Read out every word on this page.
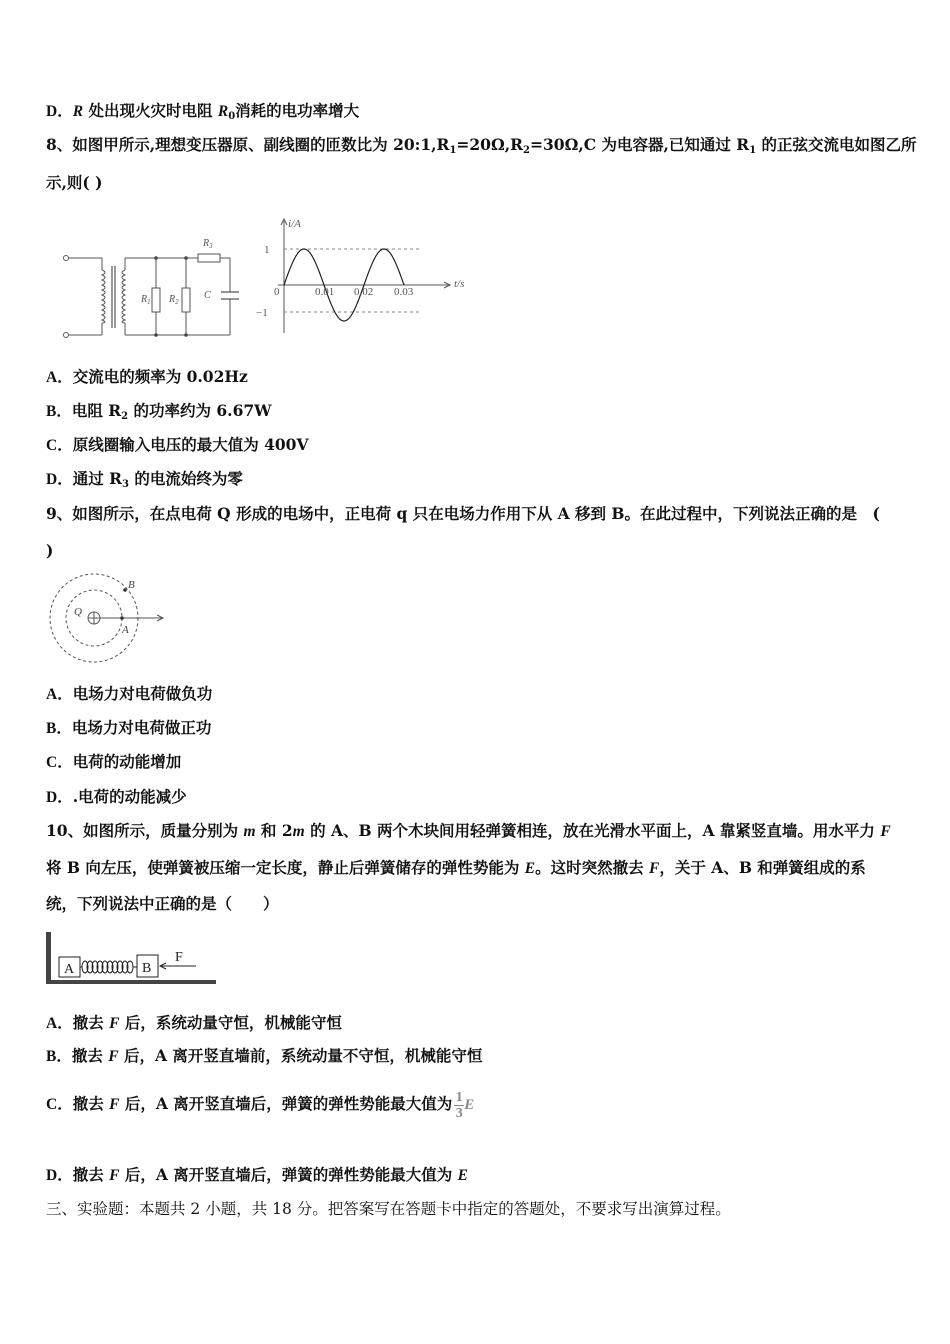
D．R 处出现火灾时电阻 $R_0$消耗的电功率增大
8、如图甲所示,理想变压器原、副线圈的匝数比为 $20:1,R_1=20\Omega,R_2=30\Omega,C$ 为电容器,已知通过 $R_1$ 的正弦交流电如图乙所
示,则( )
$R_1$ $R_2$
$R_3$
C
i/A
t/s
1
−1
0	0.01 0.02 0.03
A．交流电的频率为 0.02Hz
B．电阻 $R_2$ 的功率约为 6.67W
C．原线圈输入电压的最大值为 400V
D．通过 $R_3$ 的电流始终为零
9、如图所示，在点电荷 Q 形成的电场中，正电荷 q 只在电场力作用下从 A 移到 B。在此过程中，下列说法正确的是　(
)
Q
A
B
A．电场力对电荷做负功
B．电场力对电荷做正功
C．电荷的动能增加
D．.电荷的动能减少
10、如图所示，质量分别为 m 和 2m 的 A、B 两个木块间用轻弹簧相连，放在光滑水平面上，A 靠紧竖直墙。用水平力 F
将 B 向左压，使弹簧被压缩一定长度，静止后弹簧储存的弹性势能为 E。这时突然撤去 F，关于 A、B 和弹簧组成的系
统，下列说法中正确的是（　　）
A	B
F
A．撤去 F 后，系统动量守恒，机械能守恒
B．撤去 F 后，A 离开竖直墙前，系统动量不守恒，机械能守恒
C．撤去 F 后，A 离开竖直墙后，弹簧的弹性势能最大值为 $\frac{1}{3}$ E
D．撤去 F 后，A 离开竖直墙后，弹簧的弹性势能最大值为 E
三、实验题：本题共 2 小题，共 18 分。把答案写在答题卡中指定的答题处，不要求写出演算过程。
